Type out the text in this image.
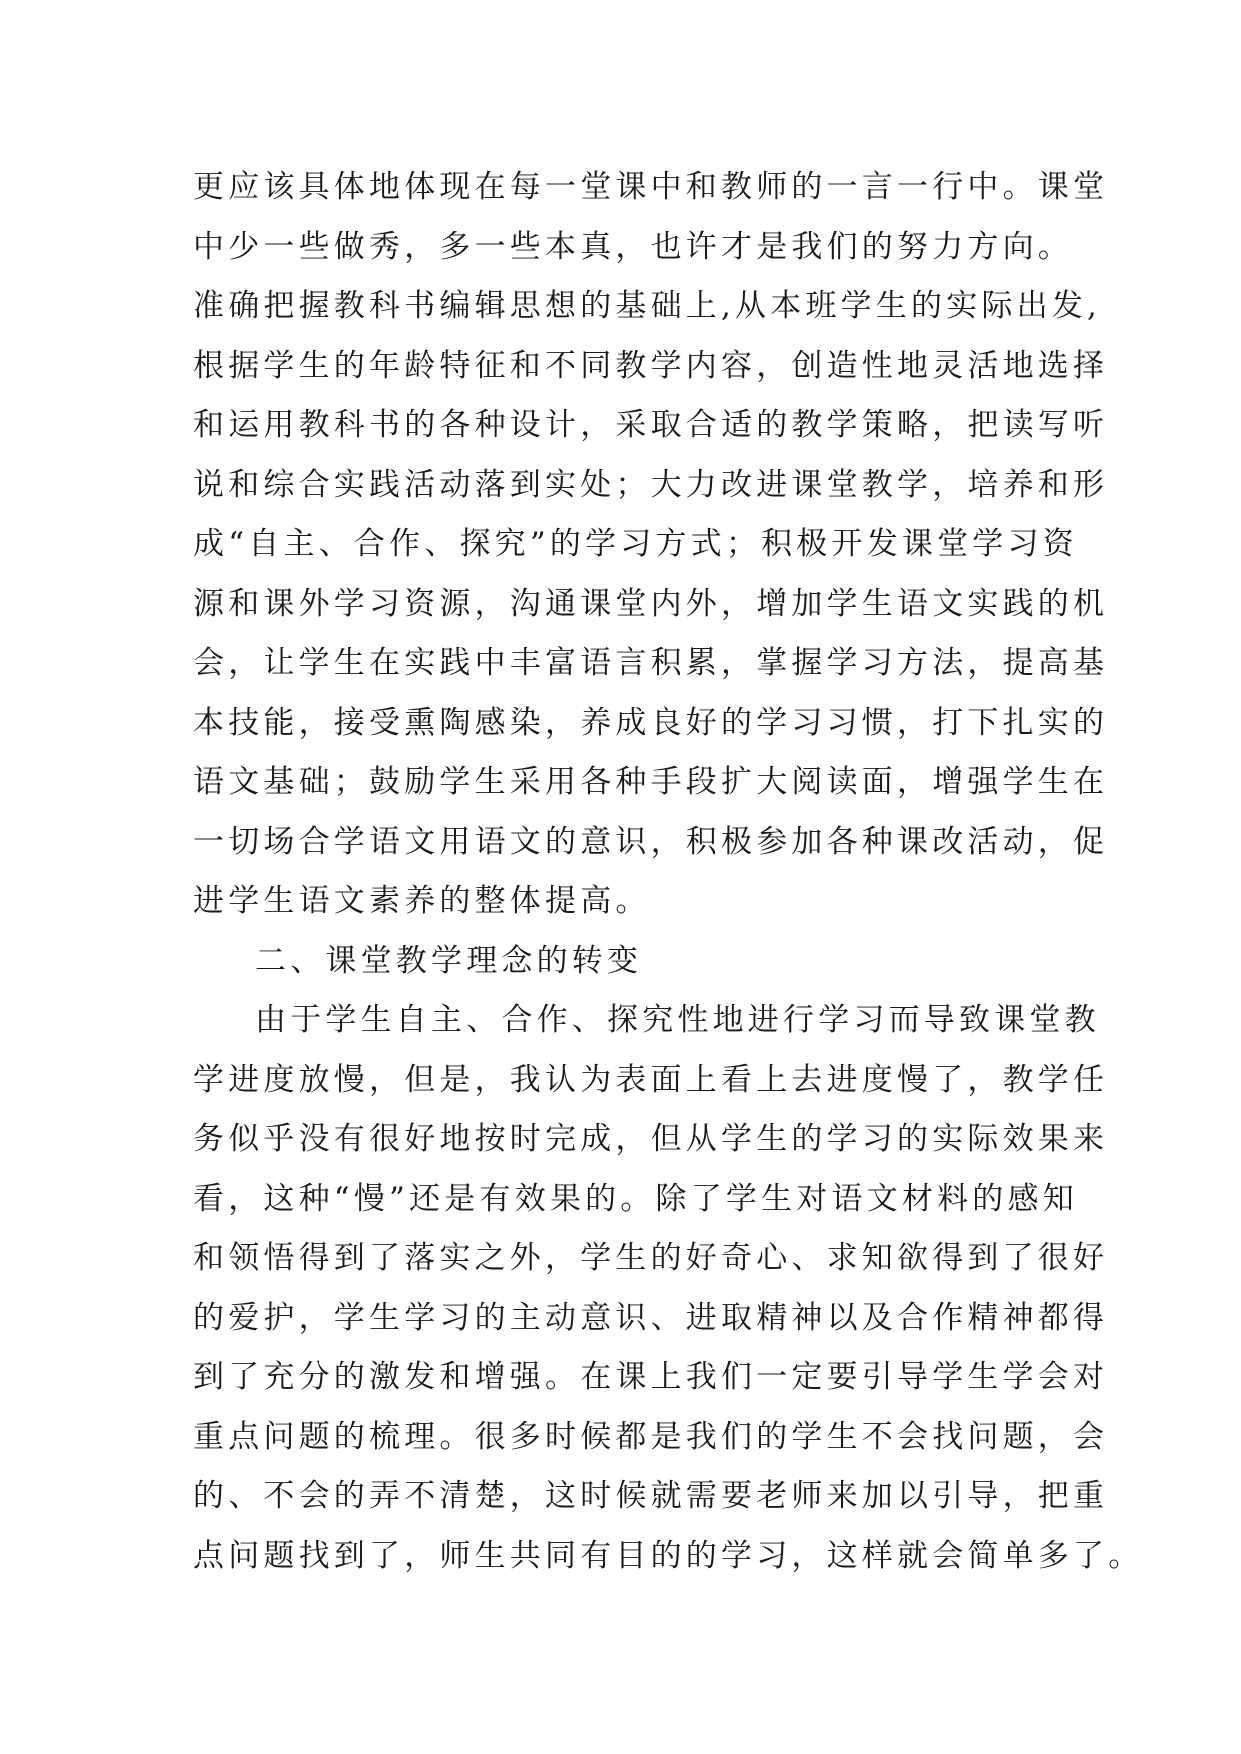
更应该具体地体现在每一堂课中和教师的一言一行中。课堂
中少一些做秀，多一些本真，也许才是我们的努力方向。
准确把握教科书编辑思想的基础上,从本班学生的实际出发,
根据学生的年龄特征和不同教学内容，创造性地灵活地选择
和运用教科书的各种设计，采取合适的教学策略，把读写听
说和综合实践活动落到实处；大力改进课堂教学，培养和形
成“自主、合作、探究”的学习方式；积极开发课堂学习资
源和课外学习资源，沟通课堂内外，增加学生语文实践的机
会，让学生在实践中丰富语言积累，掌握学习方法，提高基
本技能，接受熏陶感染，养成良好的学习习惯，打下扎实的
语文基础；鼓励学生采用各种手段扩大阅读面，增强学生在
一切场合学语文用语文的意识，积极参加各种课改活动，促
进学生语文素养的整体提高。
二、课堂教学理念的转变
由于学生自主、合作、探究性地进行学习而导致课堂教
学进度放慢，但是，我认为表面上看上去进度慢了，教学任
务似乎没有很好地按时完成，但从学生的学习的实际效果来
看，这种“慢”还是有效果的。除了学生对语文材料的感知
和领悟得到了落实之外，学生的好奇心、求知欲得到了很好
的爱护，学生学习的主动意识、进取精神以及合作精神都得
到了充分的激发和增强。在课上我们一定要引导学生学会对
重点问题的梳理。很多时候都是我们的学生不会找问题，会
的、不会的弄不清楚，这时候就需要老师来加以引导，把重
点问题找到了，师生共同有目的的学习，这样就会简单多了。
